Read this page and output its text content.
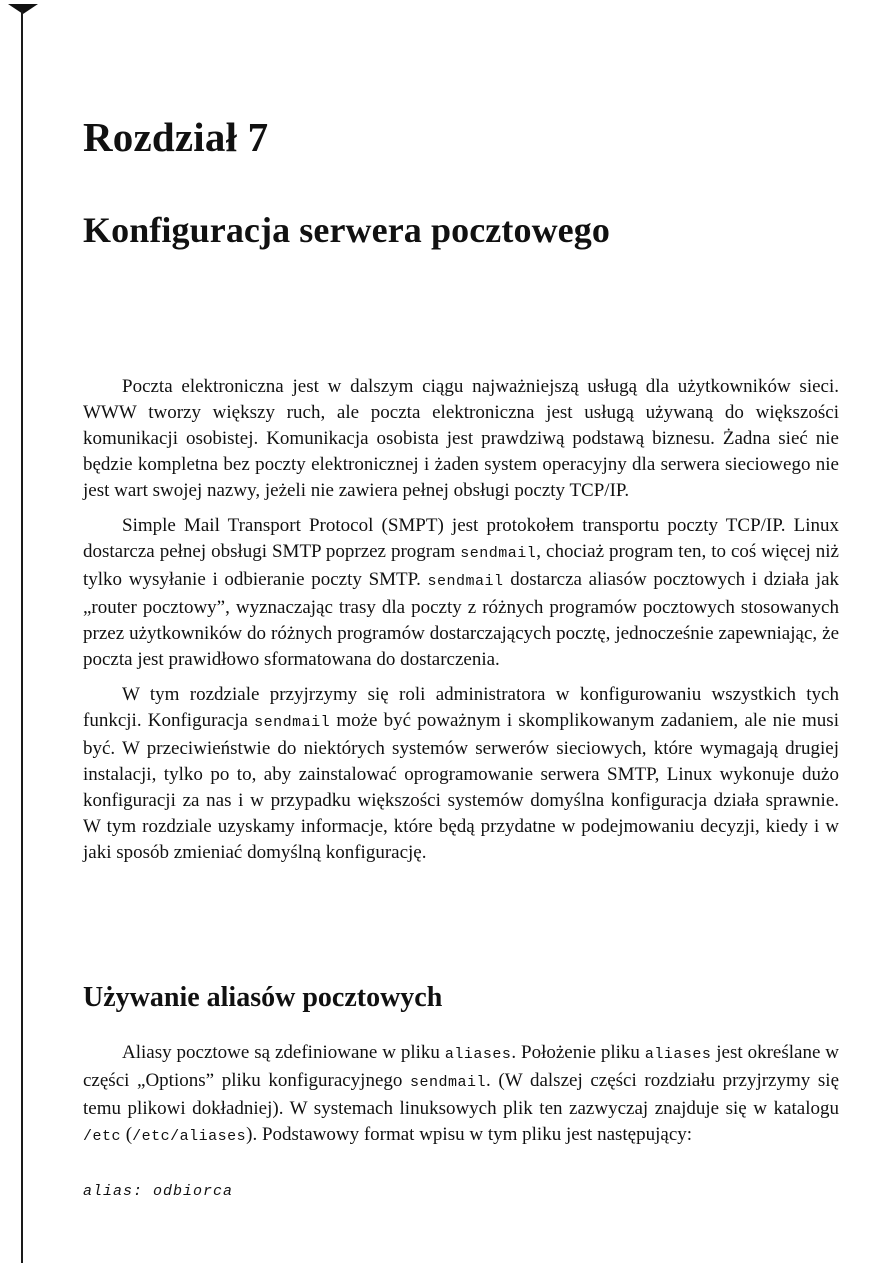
Rozdział 7
Konfiguracja serwera pocztowego

Poczta elektroniczna jest w dalszym ciągu najważniejszą usługą dla użytkowników sieci. WWW tworzy większy ruch, ale poczta elektroniczna jest usługą używaną do większości komunikacji osobistej. Komunikacja osobista jest prawdziwą podstawą biznesu. Żadna sieć nie będzie kompletna bez poczty elektronicznej i żaden system operacyjny dla serwera sieciowego nie jest wart swojej nazwy, jeżeli nie zawiera pełnej obsługi poczty TCP/IP.

Simple Mail Transport Protocol (SMPT) jest protokołem transportu poczty TCP/IP. Linux dostarcza pełnej obsługi SMTP poprzez program sendmail, chociaż program ten, to coś więcej niż tylko wysyłanie i odbieranie poczty SMTP. sendmail dostarcza aliasów pocztowych i działa jak „router pocztowy”, wyznaczając trasy dla poczty z różnych programów pocztowych stosowanych przez użytkowników do różnych programów dostarczających pocztę, jednocześnie zapewniając, że poczta jest prawidłowo sformatowana do dostarczenia.

W tym rozdziale przyjrzymy się roli administratora w konfigurowaniu wszystkich tych funkcji. Konfiguracja sendmail może być poważnym i skomplikowanym zadaniem, ale nie musi być. W przeciwieństwie do niektórych systemów serwerów sieciowych, które wymagają drugiej instalacji, tylko po to, aby zainstalować oprogramowanie serwera SMTP, Linux wykonuje dużo konfiguracji za nas i w przypadku większości systemów domyślna konfiguracja działa sprawnie. W tym rozdziale uzyskamy informacje, które będą przydatne w podejmowaniu decyzji, kiedy i w jaki sposób zmieniać domyślną konfigurację.

Używanie aliasów pocztowych

Aliasy pocztowe są zdefiniowane w pliku aliases. Położenie pliku aliases jest określane w części „Options” pliku konfiguracyjnego sendmail. (W dalszej części rozdziału przyjrzymy się temu plikowi dokładniej). W systemach linuksowych plik ten zazwyczaj znajduje się w katalogu /etc (/etc/aliases). Podstawowy format wpisu w tym pliku jest następujący:

alias: odbiorca
